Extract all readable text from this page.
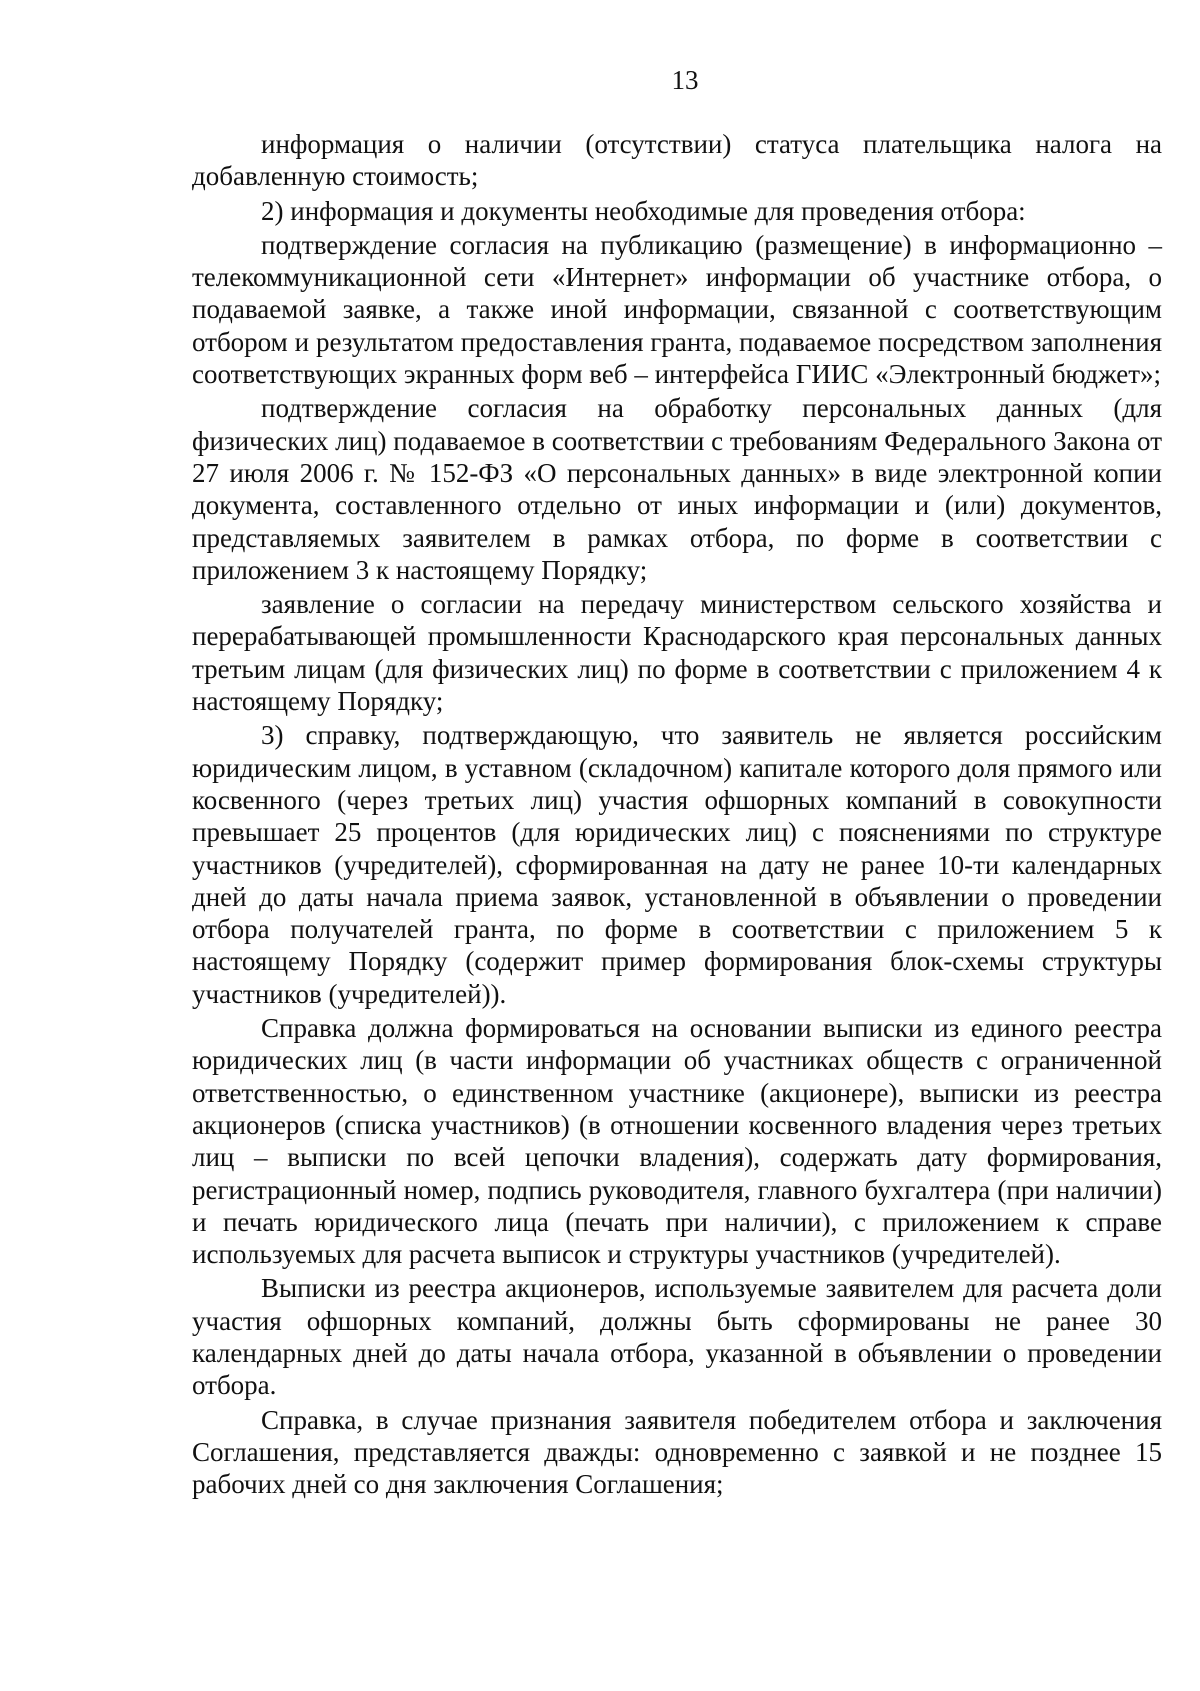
13

информация о наличии (отсутствии) статуса плательщика налога на добавленную стоимость;

2) информация и документы необходимые для проведения отбора:

подтверждение согласия на публикацию (размещение) в информационно – телекоммуникационной сети «Интернет» информации об участнике отбора, о подаваемой заявке, а также иной информации, связанной с соответствующим отбором и результатом предоставления гранта, подаваемое посредством заполнения соответствующих экранных форм веб – интерфейса ГИИС «Электронный бюджет»;

подтверждение согласия на обработку персональных данных (для физических лиц) подаваемое в соответствии с требованиям Федерального Закона от 27 июля 2006 г. № 152-ФЗ «О персональных данных» в виде электронной копии документа, составленного отдельно от иных информации и (или) документов, представляемых заявителем в рамках отбора, по форме в соответствии с приложением 3 к настоящему Порядку;

заявление о согласии на передачу министерством сельского хозяйства и перерабатывающей промышленности Краснодарского края персональных данных третьим лицам (для физических лиц) по форме в соответствии с приложением 4 к настоящему Порядку;

3) справку, подтверждающую, что заявитель не является российским юридическим лицом, в уставном (складочном) капитале которого доля прямого или косвенного (через третьих лиц) участия офшорных компаний в совокупности превышает 25 процентов (для юридических лиц) с пояснениями по структуре участников (учредителей), сформированная на дату не ранее 10-ти календарных дней до даты начала приема заявок, установленной в объявлении о проведении отбора получателей гранта, по форме в соответствии с приложением 5 к настоящему Порядку (содержит пример формирования блок-схемы структуры участников (учредителей)).

Справка должна формироваться на основании выписки из единого реестра юридических лиц (в части информации об участниках обществ с ограниченной ответственностью, о единственном участнике (акционере), выписки из реестра акционеров (списка участников) (в отношении косвенного владения через третьих лиц – выписки по всей цепочки владения), содержать дату формирования, регистрационный номер, подпись руководителя, главного бухгалтера (при наличии) и печать юридического лица (печать при наличии), с приложением к справе используемых для расчета выписок и структуры участников (учредителей).

Выписки из реестра акционеров, используемые заявителем для расчета доли участия офшорных компаний, должны быть сформированы не ранее 30 календарных дней до даты начала отбора, указанной в объявлении о проведении отбора.

Справка, в случае признания заявителя победителем отбора и заключения Соглашения, представляется дважды: одновременно с заявкой и не позднее 15 рабочих дней со дня заключения Соглашения;
